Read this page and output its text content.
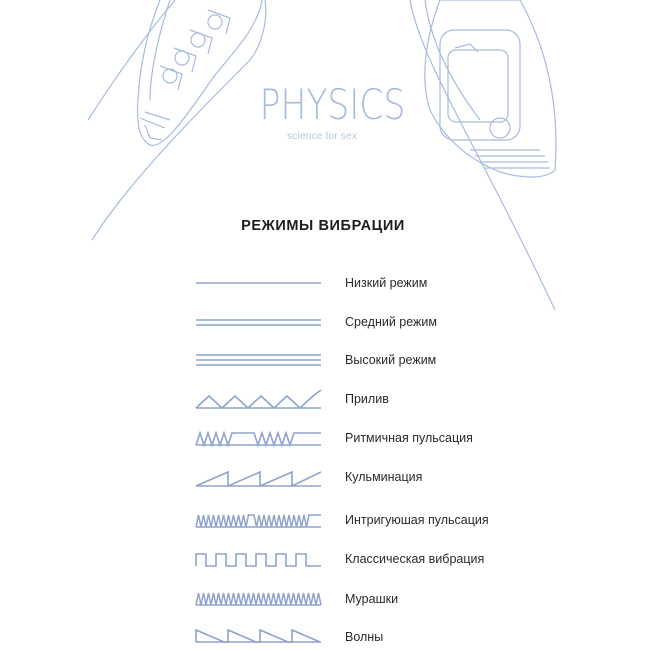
PHYSICS
science for sex
РЕЖИМЫ ВИБРАЦИИ
Низкий режим
Средний режим
Высокий режим
Прилив
Ритмичная пульсация
Кульминация
Интригуюшая пульсация
Классическая вибрация
Мурашки
Волны
